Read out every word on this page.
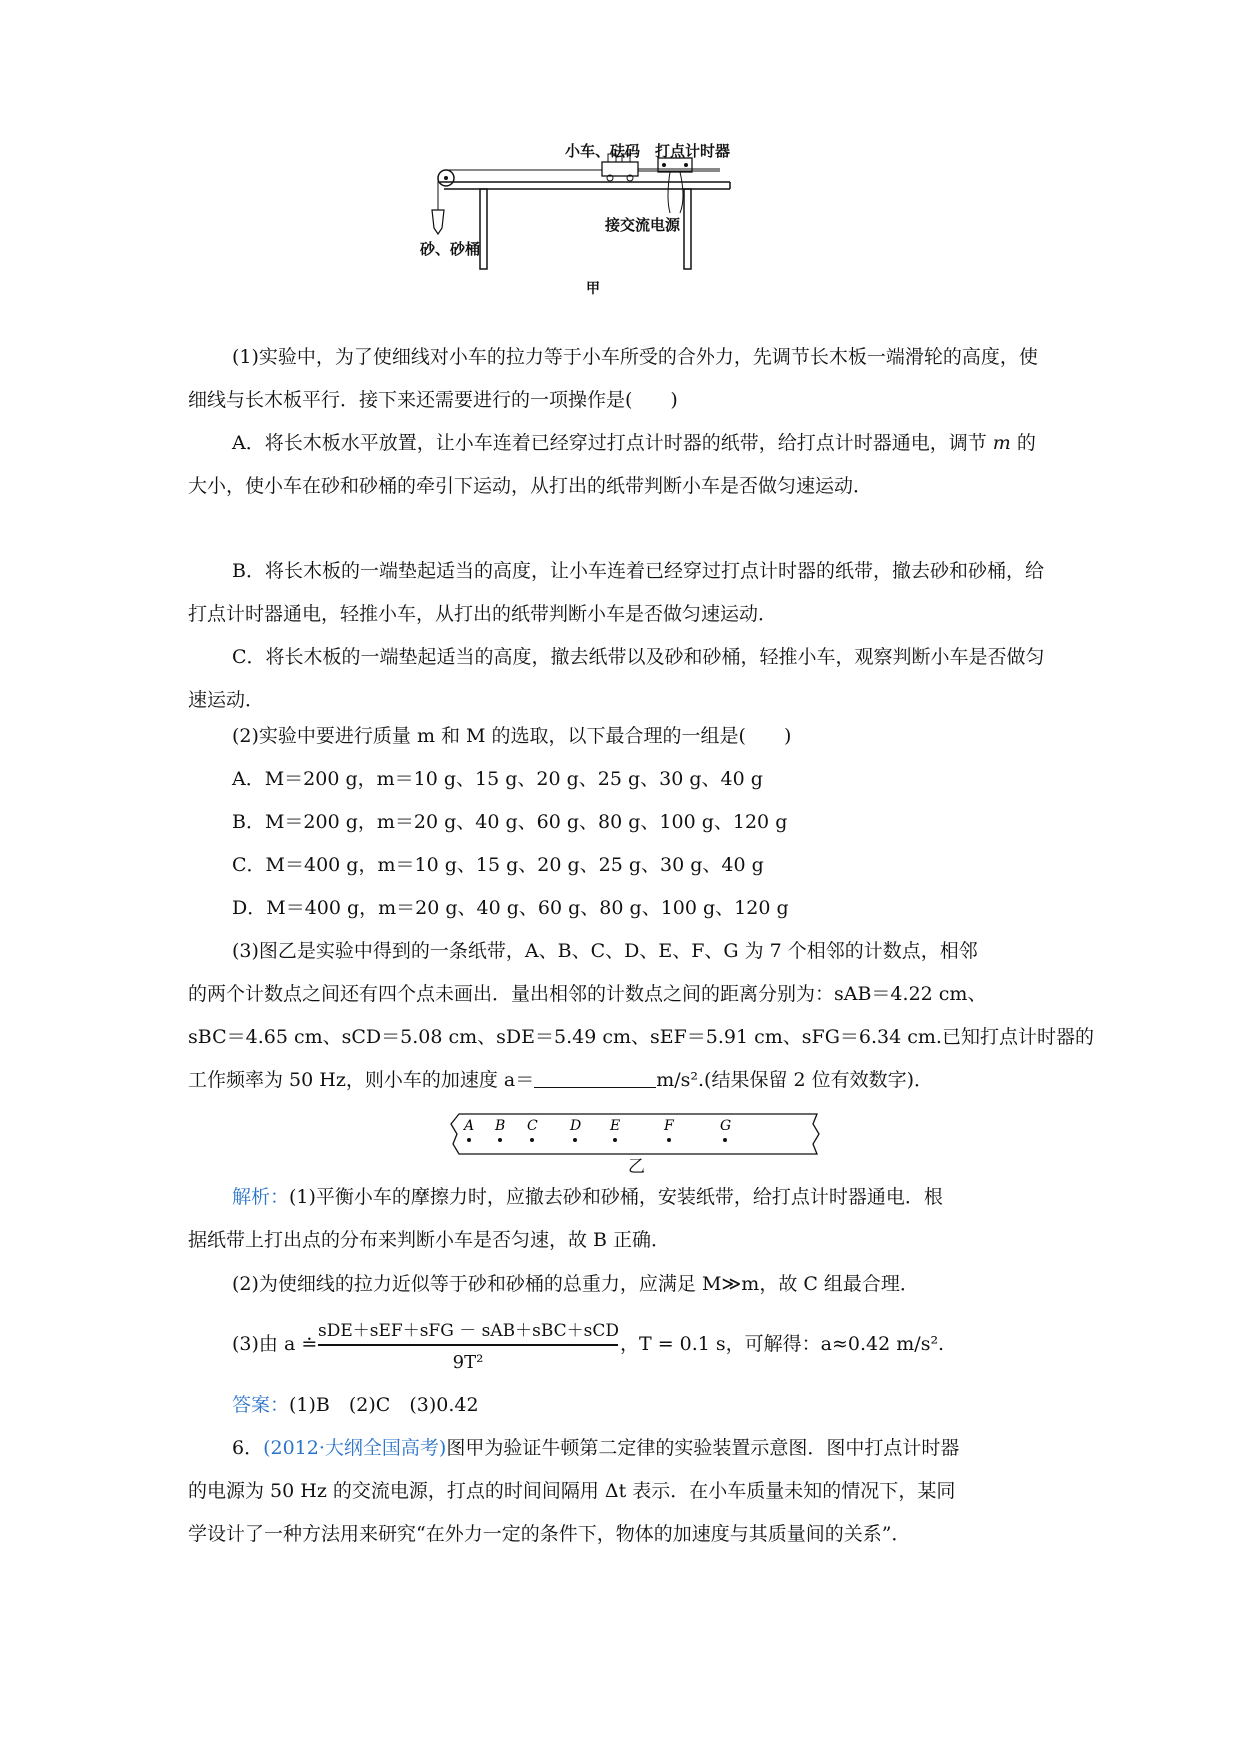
小车、砝码 打点计时器
接交流电源
砂、砂桶
甲

(1)实验中，为了使细线对小车的拉力等于小车所受的合外力，先调节长木板一端滑轮的高度，使细线与长木板平行．接下来还需要进行的一项操作是(　　)

A．将长木板水平放置，让小车连着已经穿过打点计时器的纸带，给打点计时器通电，调节 m 的大小，使小车在砂和砂桶的牵引下运动，从打出的纸带判断小车是否做匀速运动．

B．将长木板的一端垫起适当的高度，让小车连着已经穿过打点计时器的纸带，撤去砂和砂桶，给打点计时器通电，轻推小车，从打出的纸带判断小车是否做匀速运动．

C．将长木板的一端垫起适当的高度，撤去纸带以及砂和砂桶，轻推小车，观察判断小车是否做匀速运动．

(2)实验中要进行质量 m 和 M 的选取，以下最合理的一组是(　　)
A．M＝200 g，m＝10 g、15 g、20 g、25 g、30 g、40 g
B．M＝200 g，m＝20 g、40 g、60 g、80 g、100 g、120 g
C．M＝400 g，m＝10 g、15 g、20 g、25 g、30 g、40 g
D．M＝400 g，m＝20 g、40 g、60 g、80 g、100 g、120 g
(3)图乙是实验中得到的一条纸带，A、B、C、D、E、F、G 为 7 个相邻的计数点，相邻
的两个计数点之间还有四个点未画出．量出相邻的计数点之间的距离分别为：sAB＝4.22 cm、
sBC＝4.65 cm、sCD＝5.08 cm、sDE＝5.49 cm、sEF＝5.91 cm、sFG＝6.34 cm.已知打点计时器的
工作频率为 50 Hz，则小车的加速度 a＝	m/s².(结果保留 2 位有效数字)．
A B C D E	F	G
乙
解析：(1)平衡小车的摩擦力时，应撤去砂和砂桶，安装纸带，给打点计时器通电．根
据纸带上打出点的分布来判断小车是否匀速，故 B 正确．
(2)为使细线的拉力近似等于砂和砂桶的总重力，应满足 M≫m，故 C 组最合理．
(3)由 a ≐
sDE＋sEF＋sFG － sAB＋sBC＋sCD
9T²
，T = 0.1 s，可解得：a≈0.42 m/s².
答案：(1)B　(2)C　(3)0.42
6．(2012·大纲全国高考)图甲为验证牛顿第二定律的实验装置示意图．图中打点计时器
的电源为 50 Hz 的交流电源，打点的时间间隔用 Δt 表示．在小车质量未知的情况下，某同
学设计了一种方法用来研究“在外力一定的条件下，物体的加速度与其质量间的关系”．
